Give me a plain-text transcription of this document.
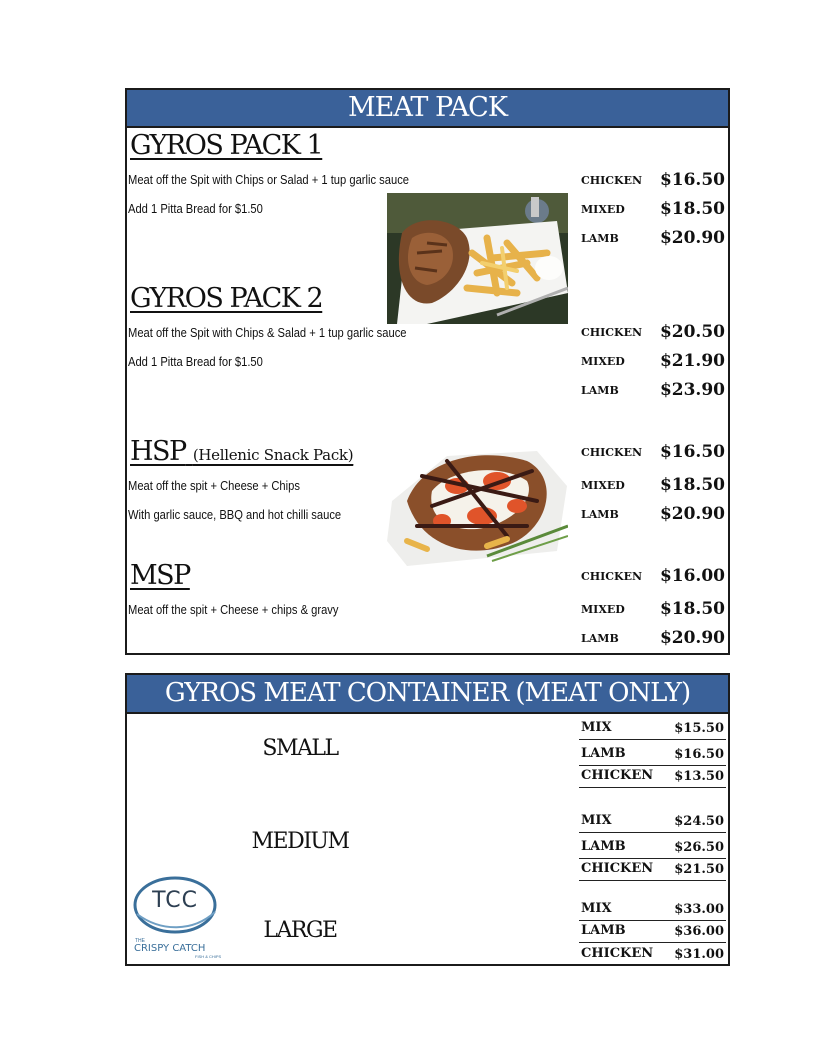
MEAT PACK
GYROS PACK 1
Meat off the Spit with Chips or Salad + 1 tup garlic sauce
Add 1 Pitta Bread for $1.50
CHICKEN $16.50
MIXED $18.50
LAMB $20.90
GYROS PACK 2
Meat off the Spit with Chips & Salad + 1 tup garlic sauce
Add 1 Pitta Bread for $1.50
CHICKEN $20.50
MIXED $21.90
LAMB $23.90
HSP (Hellenic Snack Pack)
Meat off the spit + Cheese + Chips
With garlic sauce, BBQ and hot chilli sauce
CHICKEN $16.50
MIXED $18.50
LAMB $20.90
MSP
Meat off the spit + Cheese + chips & gravy
CHICKEN $16.00
MIXED $18.50
LAMB $20.90
GYROS MEAT CONTAINER (MEAT ONLY)
SMALL
MEDIUM
LARGE
MIX	$15.50
LAMB	$16.50
CHICKEN $13.50
MIX	$24.50
LAMB	$26.50
CHICKEN $21.50
MIX	$33.00
LAMB	$36.00
CHICKEN $31.00
TCC
THE
CRISPY CATCH
FISH & CHIPS
